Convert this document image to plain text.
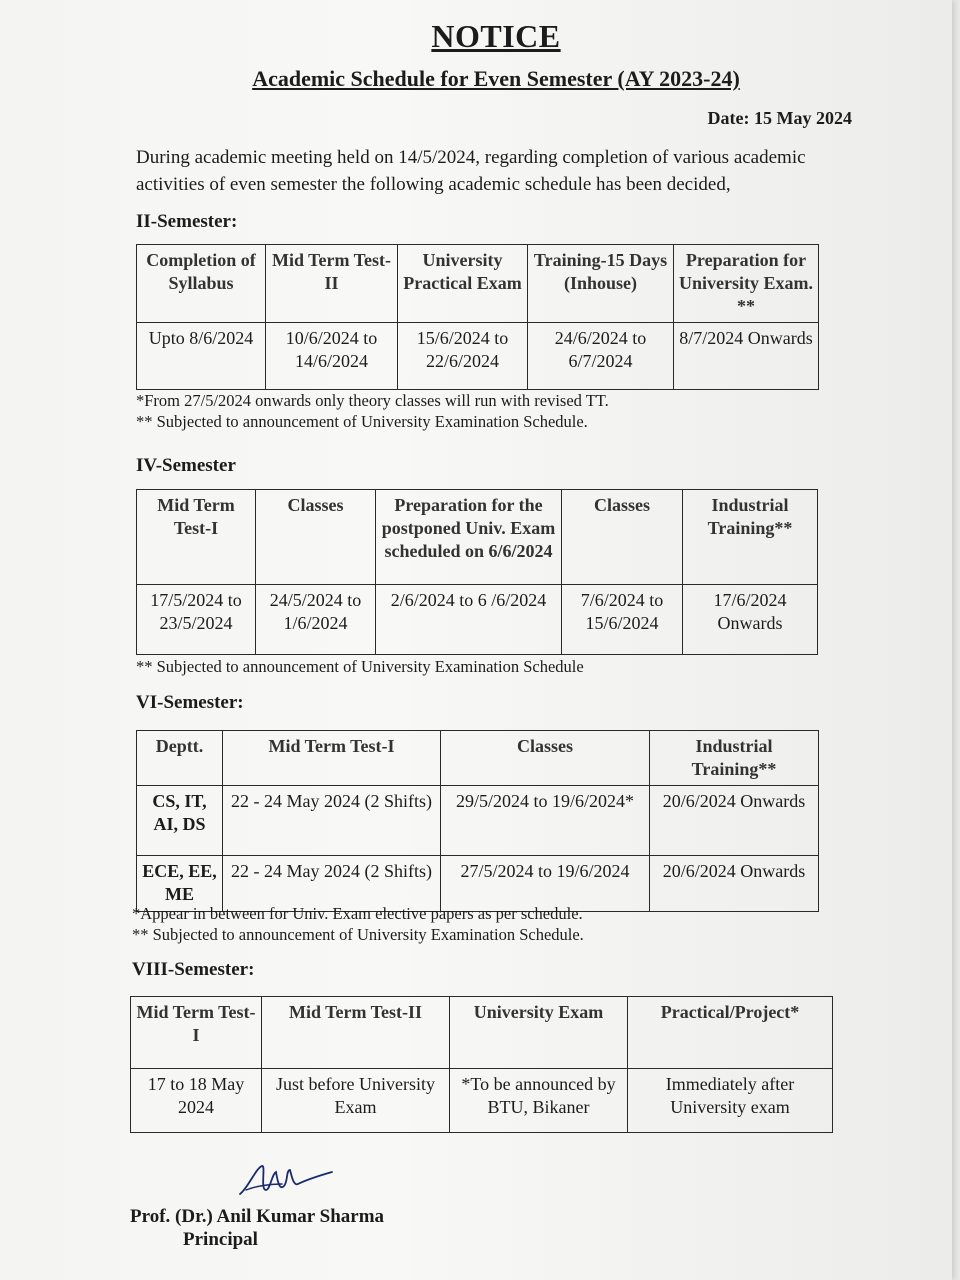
NOTICE
Academic Schedule for Even Semester (AY 2023-24)
Date: 15 May 2024
During academic meeting held on 14/5/2024, regarding completion of various academic activities of even semester the following academic schedule has been decided,
II-Semester:
Completion of Syllabus	Mid Term Test-II	University Practical Exam	Training-15 Days (Inhouse)	Preparation for University Exam. **
Upto 8/6/2024	10/6/2024 to 14/6/2024	15/6/2024 to 22/6/2024	24/6/2024 to 6/7/2024	8/7/2024 Onwards
*From 27/5/2024 onwards only theory classes will run with revised TT.
** Subjected to announcement of University Examination Schedule.
IV-Semester
Mid Term Test-I	Classes	Preparation for the postponed Univ. Exam scheduled on 6/6/2024	Classes	Industrial Training**
17/5/2024 to 23/5/2024	24/5/2024 to 1/6/2024	2/6/2024 to 6 /6/2024	7/6/2024 to 15/6/2024	17/6/2024 Onwards
** Subjected to announcement of University Examination Schedule
VI-Semester:
Deptt.	Mid Term Test-I	Classes	Industrial Training**
CS, IT, AI, DS	22 - 24 May 2024 (2 Shifts)	29/5/2024 to 19/6/2024*	20/6/2024 Onwards
ECE, EE, ME	22 - 24 May 2024 (2 Shifts)	27/5/2024 to 19/6/2024	20/6/2024 Onwards
*Appear in between for Univ. Exam elective papers as per schedule.
** Subjected to announcement of University Examination Schedule.
VIII-Semester:
Mid Term Test-I	Mid Term Test-II	University Exam	Practical/Project*
17 to 18 May 2024	Just before University Exam	*To be announced by BTU, Bikaner	Immediately after University exam
Prof. (Dr.) Anil Kumar Sharma
Principal
